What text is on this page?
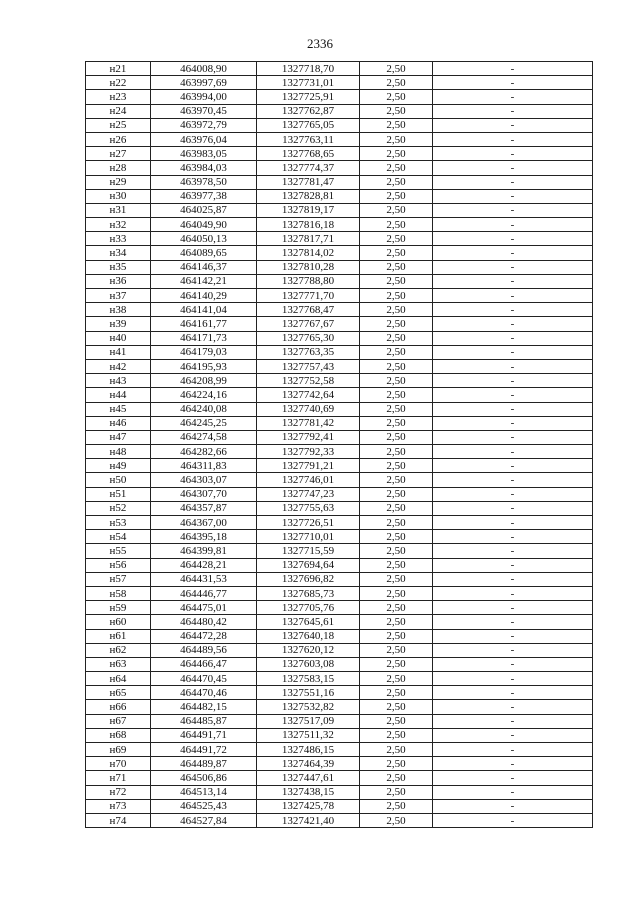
2336
н21	464008,90	1327718,70	2,50	-
н22	463997,69	1327731,01	2,50	-
н23	463994,00	1327725,91	2,50	-
н24	463970,45	1327762,87	2,50	-
н25	463972,79	1327765,05	2,50	-
н26	463976,04	1327763,11	2,50	-
н27	463983,05	1327768,65	2,50	-
н28	463984,03	1327774,37	2,50	-
н29	463978,50	1327781,47	2,50	-
н30	463977,38	1327828,81	2,50	-
н31	464025,87	1327819,17	2,50	-
н32	464049,90	1327816,18	2,50	-
н33	464050,13	1327817,71	2,50	-
н34	464089,65	1327814,02	2,50	-
н35	464146,37	1327810,28	2,50	-
н36	464142,21	1327788,80	2,50	-
н37	464140,29	1327771,70	2,50	-
н38	464141,04	1327768,47	2,50	-
н39	464161,77	1327767,67	2,50	-
н40	464171,73	1327765,30	2,50	-
н41	464179,03	1327763,35	2,50	-
н42	464195,93	1327757,43	2,50	-
н43	464208,99	1327752,58	2,50	-
н44	464224,16	1327742,64	2,50	-
н45	464240,08	1327740,69	2,50	-
н46	464245,25	1327781,42	2,50	-
н47	464274,58	1327792,41	2,50	-
н48	464282,66	1327792,33	2,50	-
н49	464311,83	1327791,21	2,50	-
н50	464303,07	1327746,01	2,50	-
н51	464307,70	1327747,23	2,50	-
н52	464357,87	1327755,63	2,50	-
н53	464367,00	1327726,51	2,50	-
н54	464395,18	1327710,01	2,50	-
н55	464399,81	1327715,59	2,50	-
н56	464428,21	1327694,64	2,50	-
н57	464431,53	1327696,82	2,50	-
н58	464446,77	1327685,73	2,50	-
н59	464475,01	1327705,76	2,50	-
н60	464480,42	1327645,61	2,50	-
н61	464472,28	1327640,18	2,50	-
н62	464489,56	1327620,12	2,50	-
н63	464466,47	1327603,08	2,50	-
н64	464470,45	1327583,15	2,50	-
н65	464470,46	1327551,16	2,50	-
н66	464482,15	1327532,82	2,50	-
н67	464485,87	1327517,09	2,50	-
н68	464491,71	1327511,32	2,50	-
н69	464491,72	1327486,15	2,50	-
н70	464489,87	1327464,39	2,50	-
н71	464506,86	1327447,61	2,50	-
н72	464513,14	1327438,15	2,50	-
н73	464525,43	1327425,78	2,50	-
н74	464527,84	1327421,40	2,50	-
